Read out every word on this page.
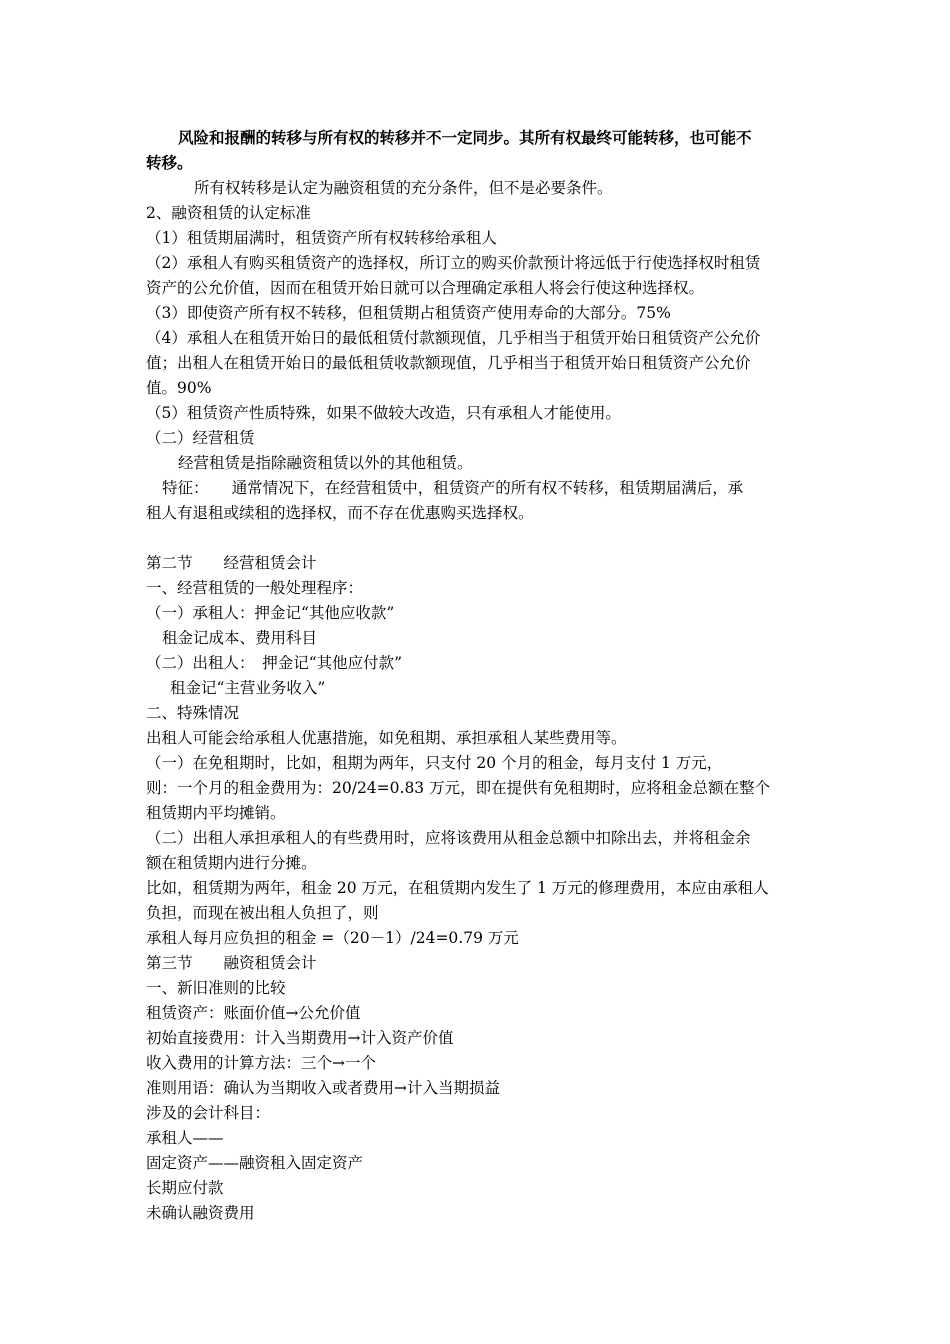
风险和报酬的转移与所有权的转移并不一定同步。其所有权最终可能转移，也可能不
转移。
所有权转移是认定为融资租赁的充分条件，但不是必要条件。
2、融资租赁的认定标准
（1）租赁期届满时，租赁资产所有权转移给承租人
（2）承租人有购买租赁资产的选择权，所订立的购买价款预计将远低于行使选择权时租赁
资产的公允价值，因而在租赁开始日就可以合理确定承租人将会行使这种选择权。
（3）即使资产所有权不转移，但租赁期占租赁资产使用寿命的大部分。75%
（4）承租人在租赁开始日的最低租赁付款额现值，几乎相当于租赁开始日租赁资产公允价
值；出租人在租赁开始日的最低租赁收款额现值，几乎相当于租赁开始日租赁资产公允价
值。90%
（5）租赁资产性质特殊，如果不做较大改造，只有承租人才能使用。
（二）经营租赁
经营租赁是指除融资租赁以外的其他租赁。
特征：　　通常情况下，在经营租赁中，租赁资产的所有权不转移，租赁期届满后，承
租人有退租或续租的选择权，而不存在优惠购买选择权。
第二节　　经营租赁会计
一、经营租赁的一般处理程序：
（一）承租人：押金记“其他应收款”
租金记成本、费用科目
（二）出租人：　押金记“其他应付款”
租金记“主营业务收入”
二、特殊情况
出租人可能会给承租人优惠措施，如免租期、承担承租人某些费用等。
（一）在免租期时，比如，租期为两年，只支付 20 个月的租金，每月支付 1 万元，
则：一个月的租金费用为：20/24=0.83 万元，即在提供有免租期时，应将租金总额在整个
租赁期内平均摊销。
（二）出租人承担承租人的有些费用时，应将该费用从租金总额中扣除出去，并将租金余
额在租赁期内进行分摊。
比如，租赁期为两年，租金 20 万元，在租赁期内发生了 1 万元的修理费用，本应由承租人
负担，而现在被出租人负担了，则
承租人每月应负担的租金 =（20－1）/24=0.79 万元
第三节　　融资租赁会计
一、新旧准则的比较
租赁资产：账面价值→公允价值
初始直接费用：计入当期费用→计入资产价值
收入费用的计算方法：三个→一个
准则用语：确认为当期收入或者费用→计入当期损益
涉及的会计科目：
承租人——
固定资产——融资租入固定资产
长期应付款
未确认融资费用
